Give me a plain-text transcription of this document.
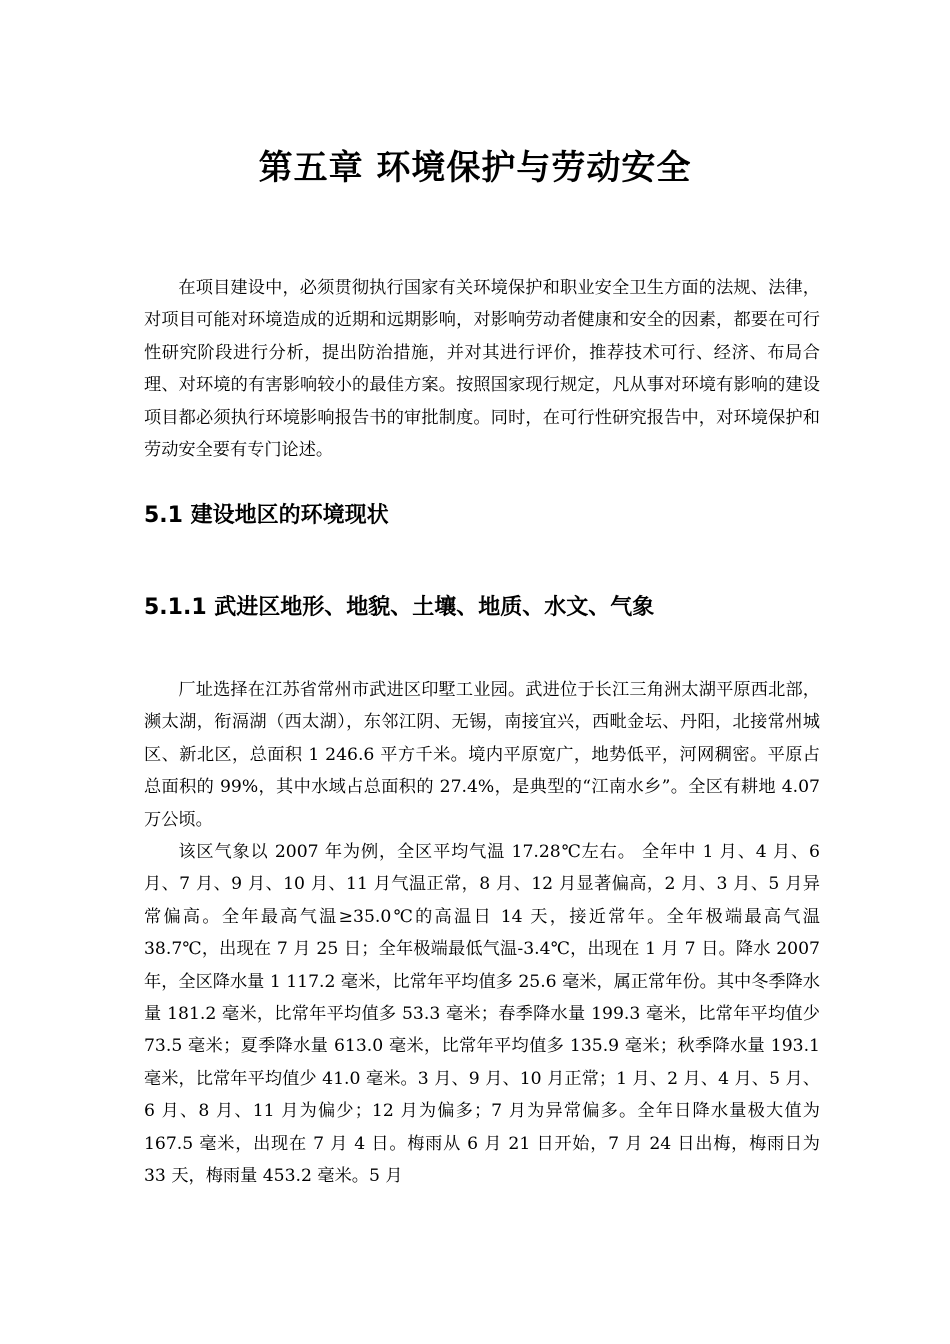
第五章 环境保护与劳动安全

在项目建设中，必须贯彻执行国家有关环境保护和职业安全卫生方面的法规、法律，对项目可能对环境造成的近期和远期影响，对影响劳动者健康和安全的因素，都要在可行性研究阶段进行分析，提出防治措施，并对其进行评价，推荐技术可行、经济、布局合理、对环境的有害影响较小的最佳方案。按照国家现行规定，凡从事对环境有影响的建设项目都必须执行环境影响报告书的审批制度。同时，在可行性研究报告中，对环境保护和劳动安全要有专门论述。

5.1 建设地区的环境现状
5.1.1 武进区地形、地貌、土壤、地质、水文、气象

厂址选择在江苏省常州市武进区印墅工业园。武进位于长江三角洲太湖平原西北部，濒太湖，衔滆湖（西太湖），东邻江阴、无锡，南接宜兴，西毗金坛、丹阳，北接常州城区、新北区，总面积 1 246.6 平方千米。境内平原宽广，地势低平，河网稠密。平原占总面积的 99%，其中水域占总面积的 27.4%，是典型的“江南水乡”。全区有耕地 4.07 万公顷。

该区气象以 2007 年为例，全区平均气温 17.28℃左右。 全年中 1 月、4 月、6 月、7 月、9 月、10 月、11 月气温正常，8 月、12 月显著偏高，2 月、3 月、5 月异常偏高。全年最高气温≥35.0℃的高温日 14 天，接近常年。全年极端最高气温 38.7℃，出现在 7 月 25 日；全年极端最低气温-3.4℃，出现在 1 月 7 日。降水 2007 年，全区降水量 1 117.2 毫米，比常年平均值多 25.6 毫米，属正常年份。其中冬季降水量 181.2 毫米，比常年平均值多 53.3 毫米；春季降水量 199.3 毫米，比常年平均值少 73.5 毫米；夏季降水量 613.0 毫米，比常年平均值多 135.9 毫米；秋季降水量 193.1 毫米，比常年平均值少 41.0 毫米。3 月、9 月、10 月正常；1 月、2 月、4 月、5 月、6 月、8 月、11 月为偏少；12 月为偏多；7 月为异常偏多。全年日降水量极大值为 167.5 毫米，出现在 7 月 4 日。梅雨从 6 月 21 日开始，7 月 24 日出梅，梅雨日为 33 天，梅雨量 453.2 毫米。5 月
